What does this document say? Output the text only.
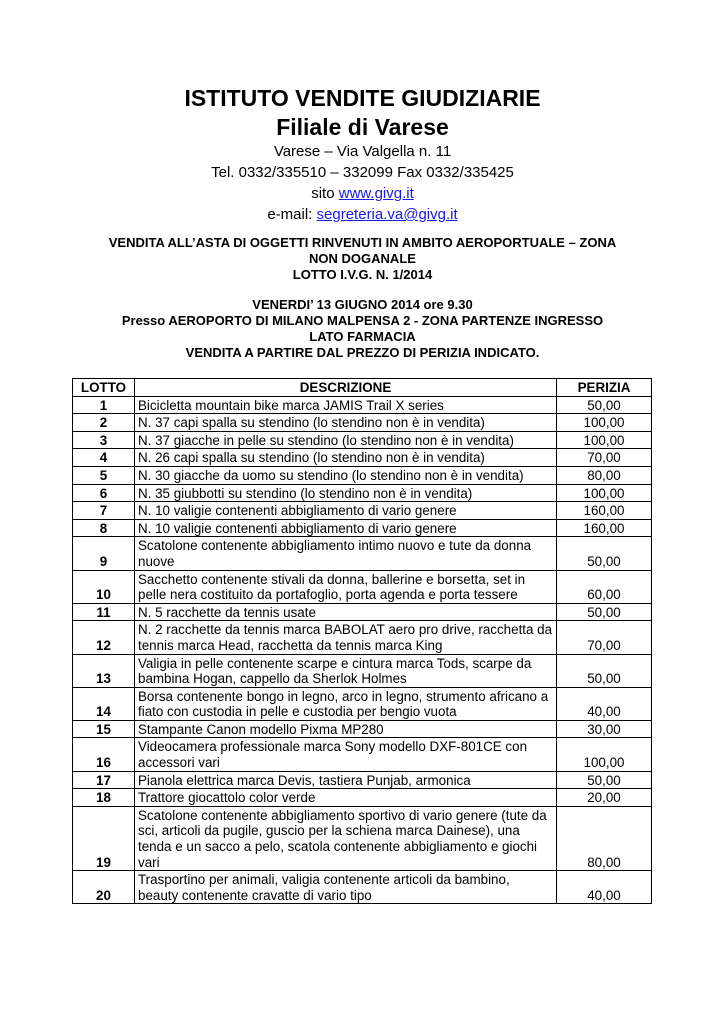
ISTITUTO VENDITE GIUDIZIARIE
Filiale di Varese
Varese – Via Valgella n. 11
Tel. 0332/335510 – 332099 Fax 0332/335425
sito www.givg.it
e-mail: segreteria.va@givg.it
VENDITA ALL’ASTA DI OGGETTI RINVENUTI IN AMBITO AEROPORTUALE – ZONA
NON DOGANALE
LOTTO I.V.G. N. 1/2014
VENERDI’ 13 GIUGNO 2014 ore 9.30
Presso AEROPORTO DI MILANO MALPENSA 2 - ZONA PARTENZE INGRESSO
LATO FARMACIA
VENDITA A PARTIRE DAL PREZZO DI PERIZIA INDICATO.
LOTTO	DESCRIZIONE	PERIZIA
1	Bicicletta mountain bike marca JAMIS Trail X series	50,00
2	N. 37 capi spalla su stendino (lo stendino non è in vendita)	100,00
3	N. 37 giacche in pelle su stendino (lo stendino non è in vendita)	100,00
4	N. 26 capi spalla su stendino (lo stendino non è in vendita)	70,00
5	N. 30 giacche da uomo su stendino (lo stendino non è in vendita)	80,00
6	N. 35 giubbotti su stendino (lo stendino non è in vendita)	100,00
7	N. 10 valigie contenenti abbigliamento di vario genere	160,00
8	N. 10 valigie contenenti abbigliamento di vario genere	160,00
9	Scatolone contenente abbigliamento intimo nuovo e tute da donna nuove	50,00
10	Sacchetto contenente stivali da donna, ballerine e borsetta, set in pelle nera costituito da portafoglio, porta agenda e porta tessere	60,00
11	N. 5 racchette da tennis usate	50,00
12	N. 2 racchette da tennis marca BABOLAT aero pro drive, racchetta da tennis marca Head, racchetta da tennis marca King	70,00
13	Valigia in pelle contenente scarpe e cintura marca Tods, scarpe da bambina Hogan, cappello da Sherlok Holmes	50,00
14	Borsa contenente bongo in legno, arco in legno, strumento africano a fiato con custodia in pelle e custodia per bengio vuota	40,00
15	Stampante Canon modello Pixma MP280	30,00
16	Videocamera professionale marca Sony modello DXF-801CE con accessori vari	100,00
17	Pianola elettrica marca Devis, tastiera Punjab, armonica	50,00
18	Trattore giocattolo color verde	20,00
19	Scatolone contenente abbigliamento sportivo di vario genere (tute da sci, articoli da pugile, guscio per la schiena marca Dainese), una tenda e un sacco a pelo, scatola contenente abbigliamento e giochi vari	80,00
20	Trasportino per animali, valigia contenente articoli da bambino, beauty contenente cravatte di vario tipo	40,00
